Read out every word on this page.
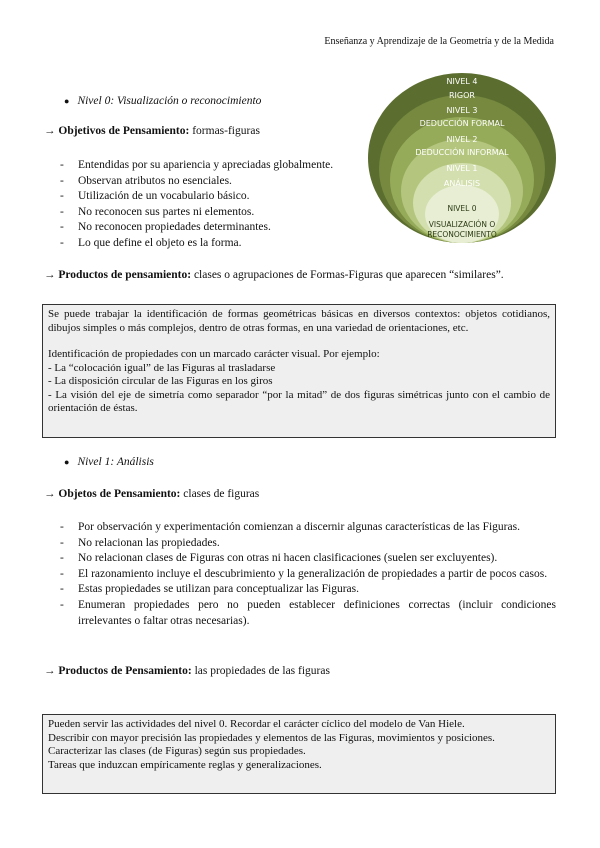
Enseñanza y Aprendizaje de la Geometría y de la Medida
NIVEL 4
RIGOR
NIVEL 3
DEDUCCIÓN FORMAL
NIVEL 2
DEDUCCIÓN INFORMAL
NIVEL 1
ANÁLISIS
NIVEL 0
VISUALIZACIÓN O
RECONOCIMIENTO
● Nivel 0: Visualización o reconocimiento
→ Objetivos de Pensamiento: formas-figuras
- Entendidas por su apariencia y apreciadas globalmente.
- Observan atributos no esenciales.
- Utilización de un vocabulario básico.
- No reconocen sus partes ni elementos.
- No reconocen propiedades determinantes.
- Lo que define el objeto es la forma.
→ Productos de pensamiento: clases o agrupaciones de Formas-Figuras que aparecen “similares”.

Se puede trabajar la identificación de formas geométricas básicas en diversos contextos: objetos cotidianos, dibujos simples o más complejos, dentro de otras formas, en una variedad de orientaciones, etc.

Identificación de propiedades con un marcado carácter visual. Por ejemplo:

- La “colocación igual” de las Figuras al trasladarse

- La disposición circular de las Figuras en los giros

- La visión del eje de simetría como separador “por la mitad” de dos figuras simétricas junto con el cambio de orientación de éstas.

● Nivel 1: Análisis
→ Objetos de Pensamiento: clases de figuras
- Por observación y experimentación comienzan a discernir algunas características de las Figuras.
- No relacionan las propiedades.
- No relacionan clases de Figuras con otras ni hacen clasificaciones (suelen ser excluyentes).
- El razonamiento incluye el descubrimiento y la generalización de propiedades a partir de pocos casos.
- Estas propiedades se utilizan para conceptualizar las Figuras.
- Enumeran propiedades pero no pueden establecer definiciones correctas (incluir condiciones irrelevantes o faltar otras necesarias).
→ Productos de Pensamiento: las propiedades de las figuras

Pueden servir las actividades del nivel 0. Recordar el carácter cíclico del modelo de Van Hiele.

Describir con mayor precisión las propiedades y elementos de las Figuras, movimientos y posiciones.

Caracterizar las clases (de Figuras) según sus propiedades.

Tareas que induzcan empíricamente reglas y generalizaciones.
